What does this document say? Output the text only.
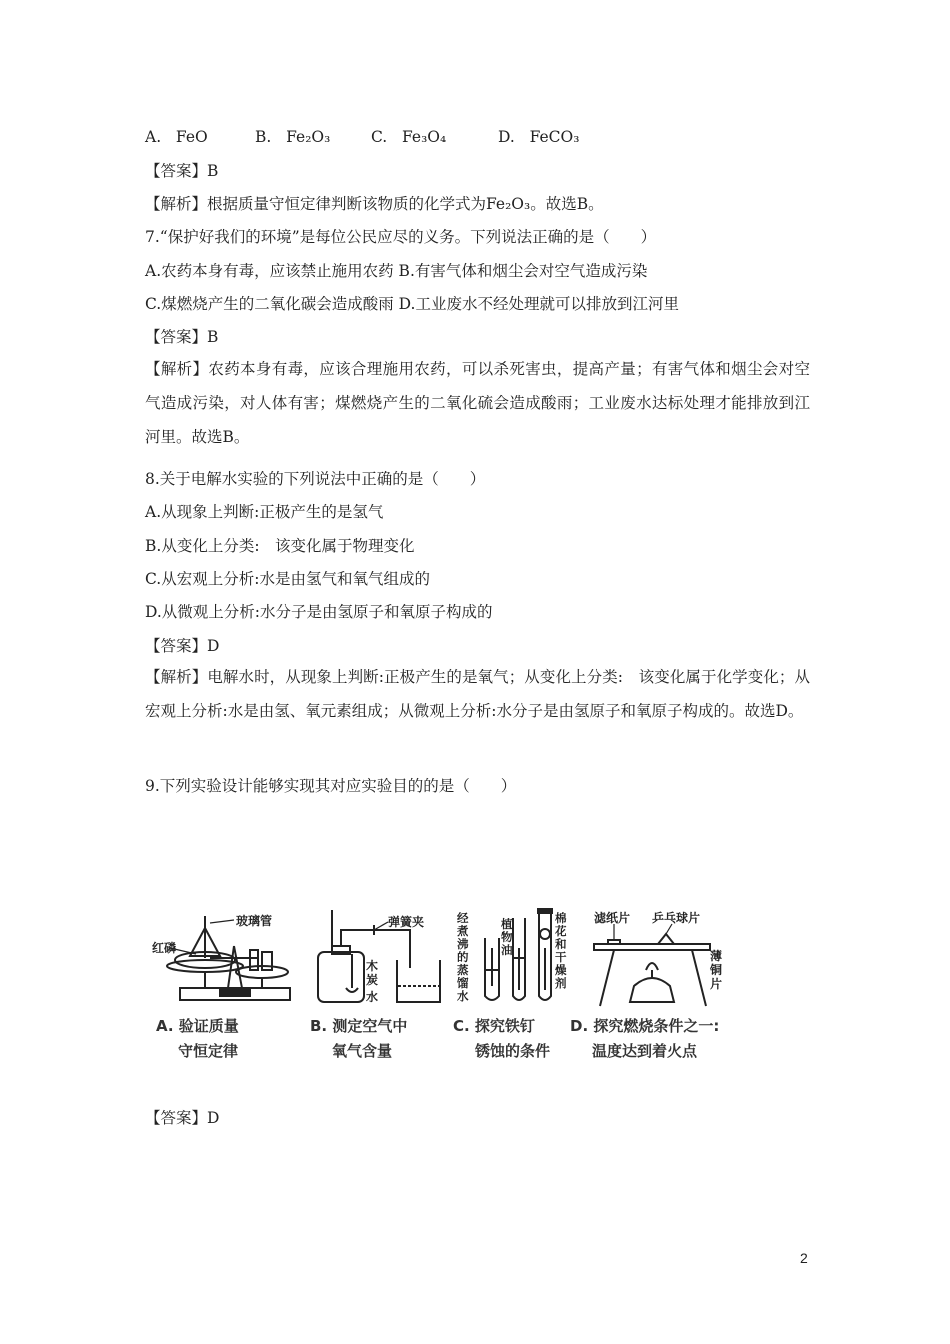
A. FeO	B. Fe₂O₃	C. Fe₃O₄	D. FeCO₃
【答案】B
【解析】根据质量守恒定律判断该物质的化学式为Fe₂O₃。故选B。
7.“保护好我们的环境”是每位公民应尽的义务。下列说法正确的是（　　）
A.农药本身有毒，应该禁止施用农药 B.有害气体和烟尘会对空气造成污染
C.煤燃烧产生的二氧化碳会造成酸雨 D.工业废水不经处理就可以排放到江河里
【答案】B
【解析】农药本身有毒，应该合理施用农药，可以杀死害虫，提高产量；有害气体和烟尘会对空气造成污染，对人体有害；煤燃烧产生的二氧化硫会造成酸雨；工业废水达标处理才能排放到江河里。故选B。
8.关于电解水实验的下列说法中正确的是（　　）
A.从现象上判断:正极产生的是氢气
B.从变化上分类:　该变化属于物理变化
C.从宏观上分析:水是由氢气和氧气组成的
D.从微观上分析:水分子是由氢原子和氧原子构成的
【答案】D
【解析】电解水时，从现象上判断:正极产生的是氧气；从变化上分类:　该变化属于化学变化；从宏观上分析:水是由氢、氧元素组成；从微观上分析:水分子是由氢原子和氧原子构成的。故选D。
9.下列实验设计能够实现其对应实验目的的是（　　）
玻璃管
红磷
A. 验证质量
守恒定律
弹簧夹
木
炭
水
B. 测定空气中
氧气含量
经 煮 沸 的 蒸 馏 水 植 物 油 棉 花 和 干 燥 剂
C. 探究铁钉
锈蚀的条件
滤纸片 乒乓球片
薄
铜
片
D. 探究燃烧条件之一:
温度达到着火点
【答案】D
2
